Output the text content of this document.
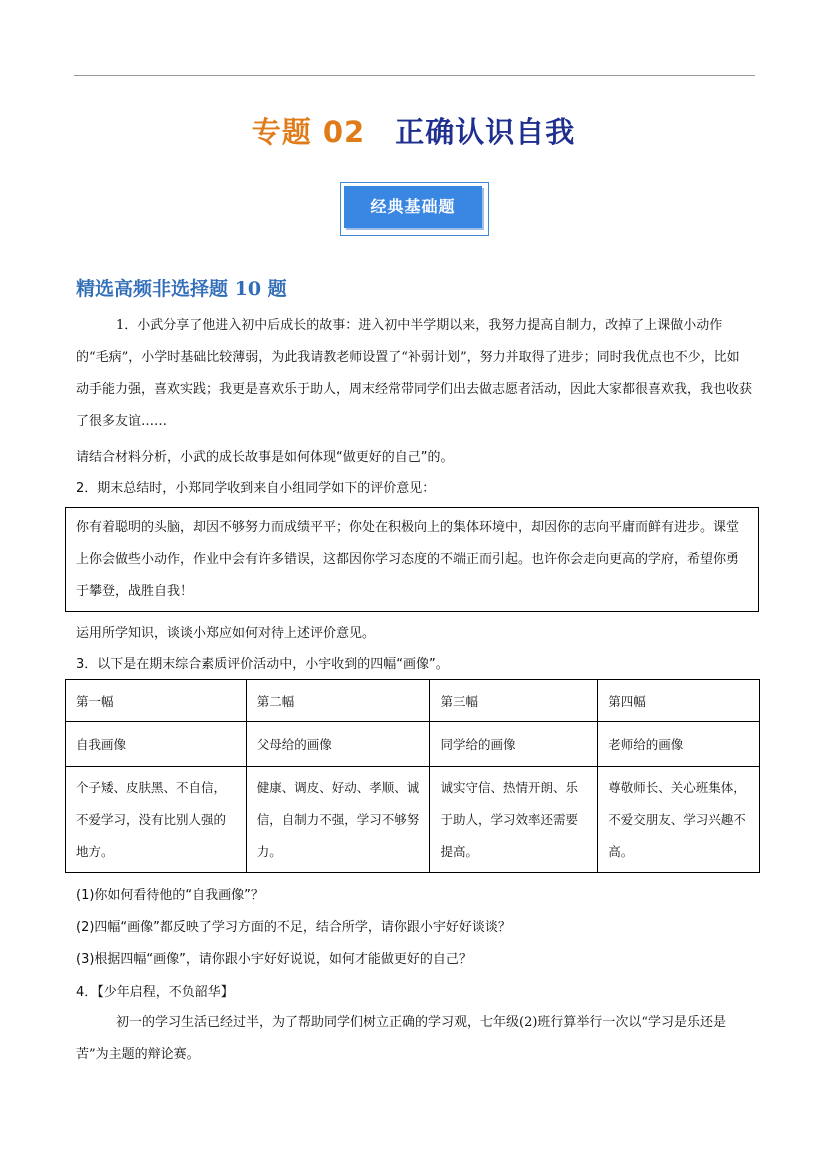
专题 02 正确认识自我
经典基础题
精选高频非选择题 10 题
1．小武分享了他进入初中后成长的故事：进入初中半学期以来，我努力提高自制力，改掉了上课做小动作的“毛病”，小学时基础比较薄弱，为此我请教老师设置了“补弱计划”，努力并取得了进步；同时我优点也不少，比如动手能力强，喜欢实践；我更是喜欢乐于助人，周末经常带同学们出去做志愿者活动，因此大家都很喜欢我，我也收获了很多友谊……
请结合材料分析，小武的成长故事是如何体现“做更好的自己”的。
2．期末总结时，小郑同学收到来自小组同学如下的评价意见：
你有着聪明的头脑，却因不够努力而成绩平平；你处在积极向上的集体环境中，却因你的志向平庸而鲜有进步。课堂上你会做些小动作，作业中会有许多错误，这都因你学习态度的不端正而引起。也许你会走向更高的学府，希望你勇于攀登，战胜自我！
运用所学知识，谈谈小郑应如何对待上述评价意见。
3．以下是在期末综合素质评价活动中，小宇收到的四幅“画像”。
第一幅	第二幅	第三幅	第四幅
自我画像	父母给的画像	同学给的画像	老师给的画像
个子矮、皮肤黑、不自信，不爱学习，没有比别人强的地方。	健康、调皮、好动、孝顺、诚信，自制力不强，学习不够努力。	诚实守信、热情开朗、乐于助人，学习效率还需要提高。	尊敬师长、关心班集体，不爱交朋友、学习兴趣不高。
(1)你如何看待他的“自我画像”？
(2)四幅“画像”都反映了学习方面的不足，结合所学，请你跟小宇好好谈谈？
(3)根据四幅“画像”，请你跟小宇好好说说，如何才能做更好的自己？
4．【少年启程，不负韶华】
初一的学习生活已经过半，为了帮助同学们树立正确的学习观，七年级(2)班行算举行一次以“学习是乐还是苦”为主题的辩论赛。
